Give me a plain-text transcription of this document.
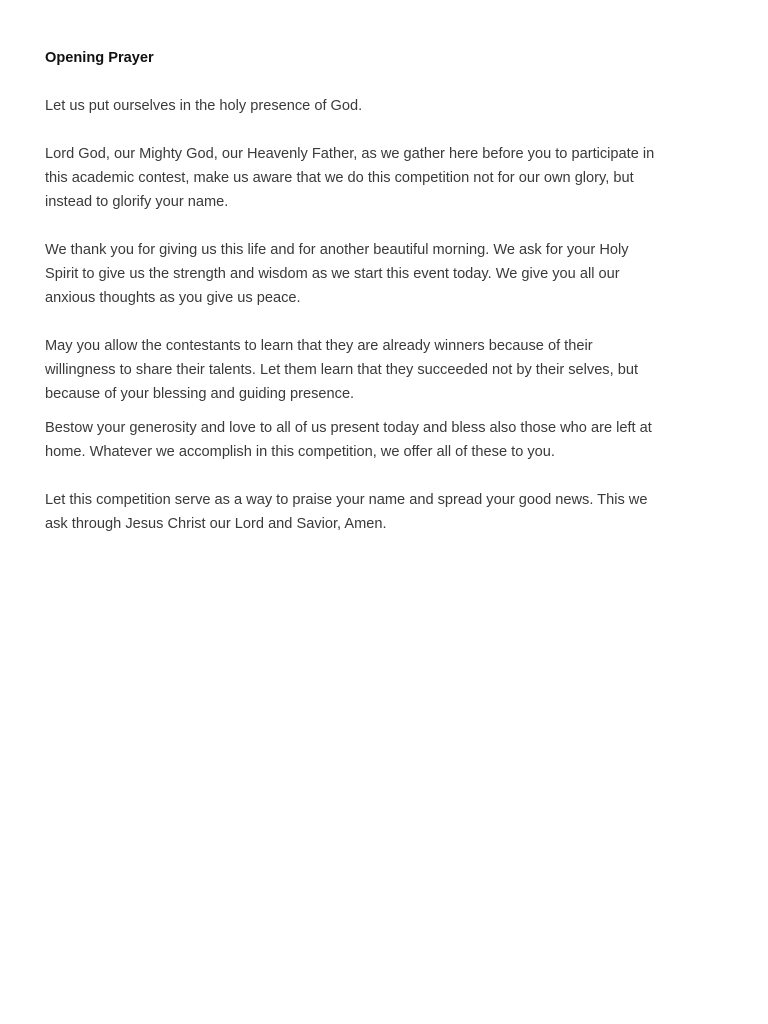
Opening Prayer

Let us put ourselves in the holy presence of God.

Lord God, our Mighty God, our Heavenly Father, as we gather here before you to participate in
this academic contest, make us aware that we do this competition not for our own glory, but
instead to glorify your name.

We thank you for giving us this life and for another beautiful morning. We ask for your Holy
Spirit to give us the strength and wisdom as we start this event today. We give you all our
anxious thoughts as you give us peace.

May you allow the contestants to learn that they are already winners because of their
willingness to share their talents. Let them learn that they succeeded not by their selves, but
because of your blessing and guiding presence.

Bestow your generosity and love to all of us present today and bless also those who are left at
home. Whatever we accomplish in this competition, we offer all of these to you.

Let this competition serve as a way to praise your name and spread your good news. This we
ask through Jesus Christ our Lord and Savior, Amen.
